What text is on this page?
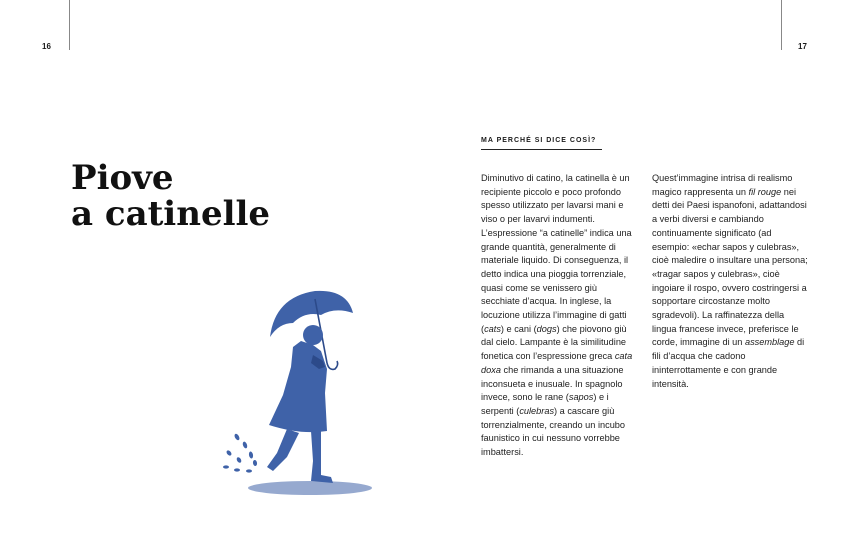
16	17
Piove
a catinelle
MA PERCHÉ SI DICE COSÌ?

Diminutivo di catino, la catinella è un recipiente piccolo e poco profondo spesso utilizzato per lavarsi mani e viso o per lavarvi indumenti. L’espressione “a catinelle” indica una grande quantità, generalmente di materiale liquido. Di conseguenza, il detto indica una pioggia torrenziale, quasi come se venissero giù secchiate d’acqua. In inglese, la locuzione utilizza l’immagine di gatti (cats) e cani (dogs) che piovono giù dal cielo. Lampante è la similitudine fonetica con l’espressione greca cata doxa che rimanda a una situazione inconsueta e inusuale. In spagnolo invece, sono le rane (sapos) e i serpenti (culebras) a cascare giù torrenzialmente, creando un incubo faunistico in cui nessuno vorrebbe imbattersi.

Quest’immagine intrisa di realismo magico rappresenta un fil rouge nei detti dei Paesi ispanofoni, adattandosi a verbi diversi e cambiando continuamente significato (ad esempio: «echar sapos y culebras», cioè maledire o insultare una persona; «tragar sapos y culebras», cioè ingoiare il rospo, ovvero costringersi a sopportare circostanze molto sgradevoli). La raffinatezza della lingua francese invece, preferisce le corde, immagine di un assemblage di fili d’acqua che cadono ininterrottamente e con grande intensità.
